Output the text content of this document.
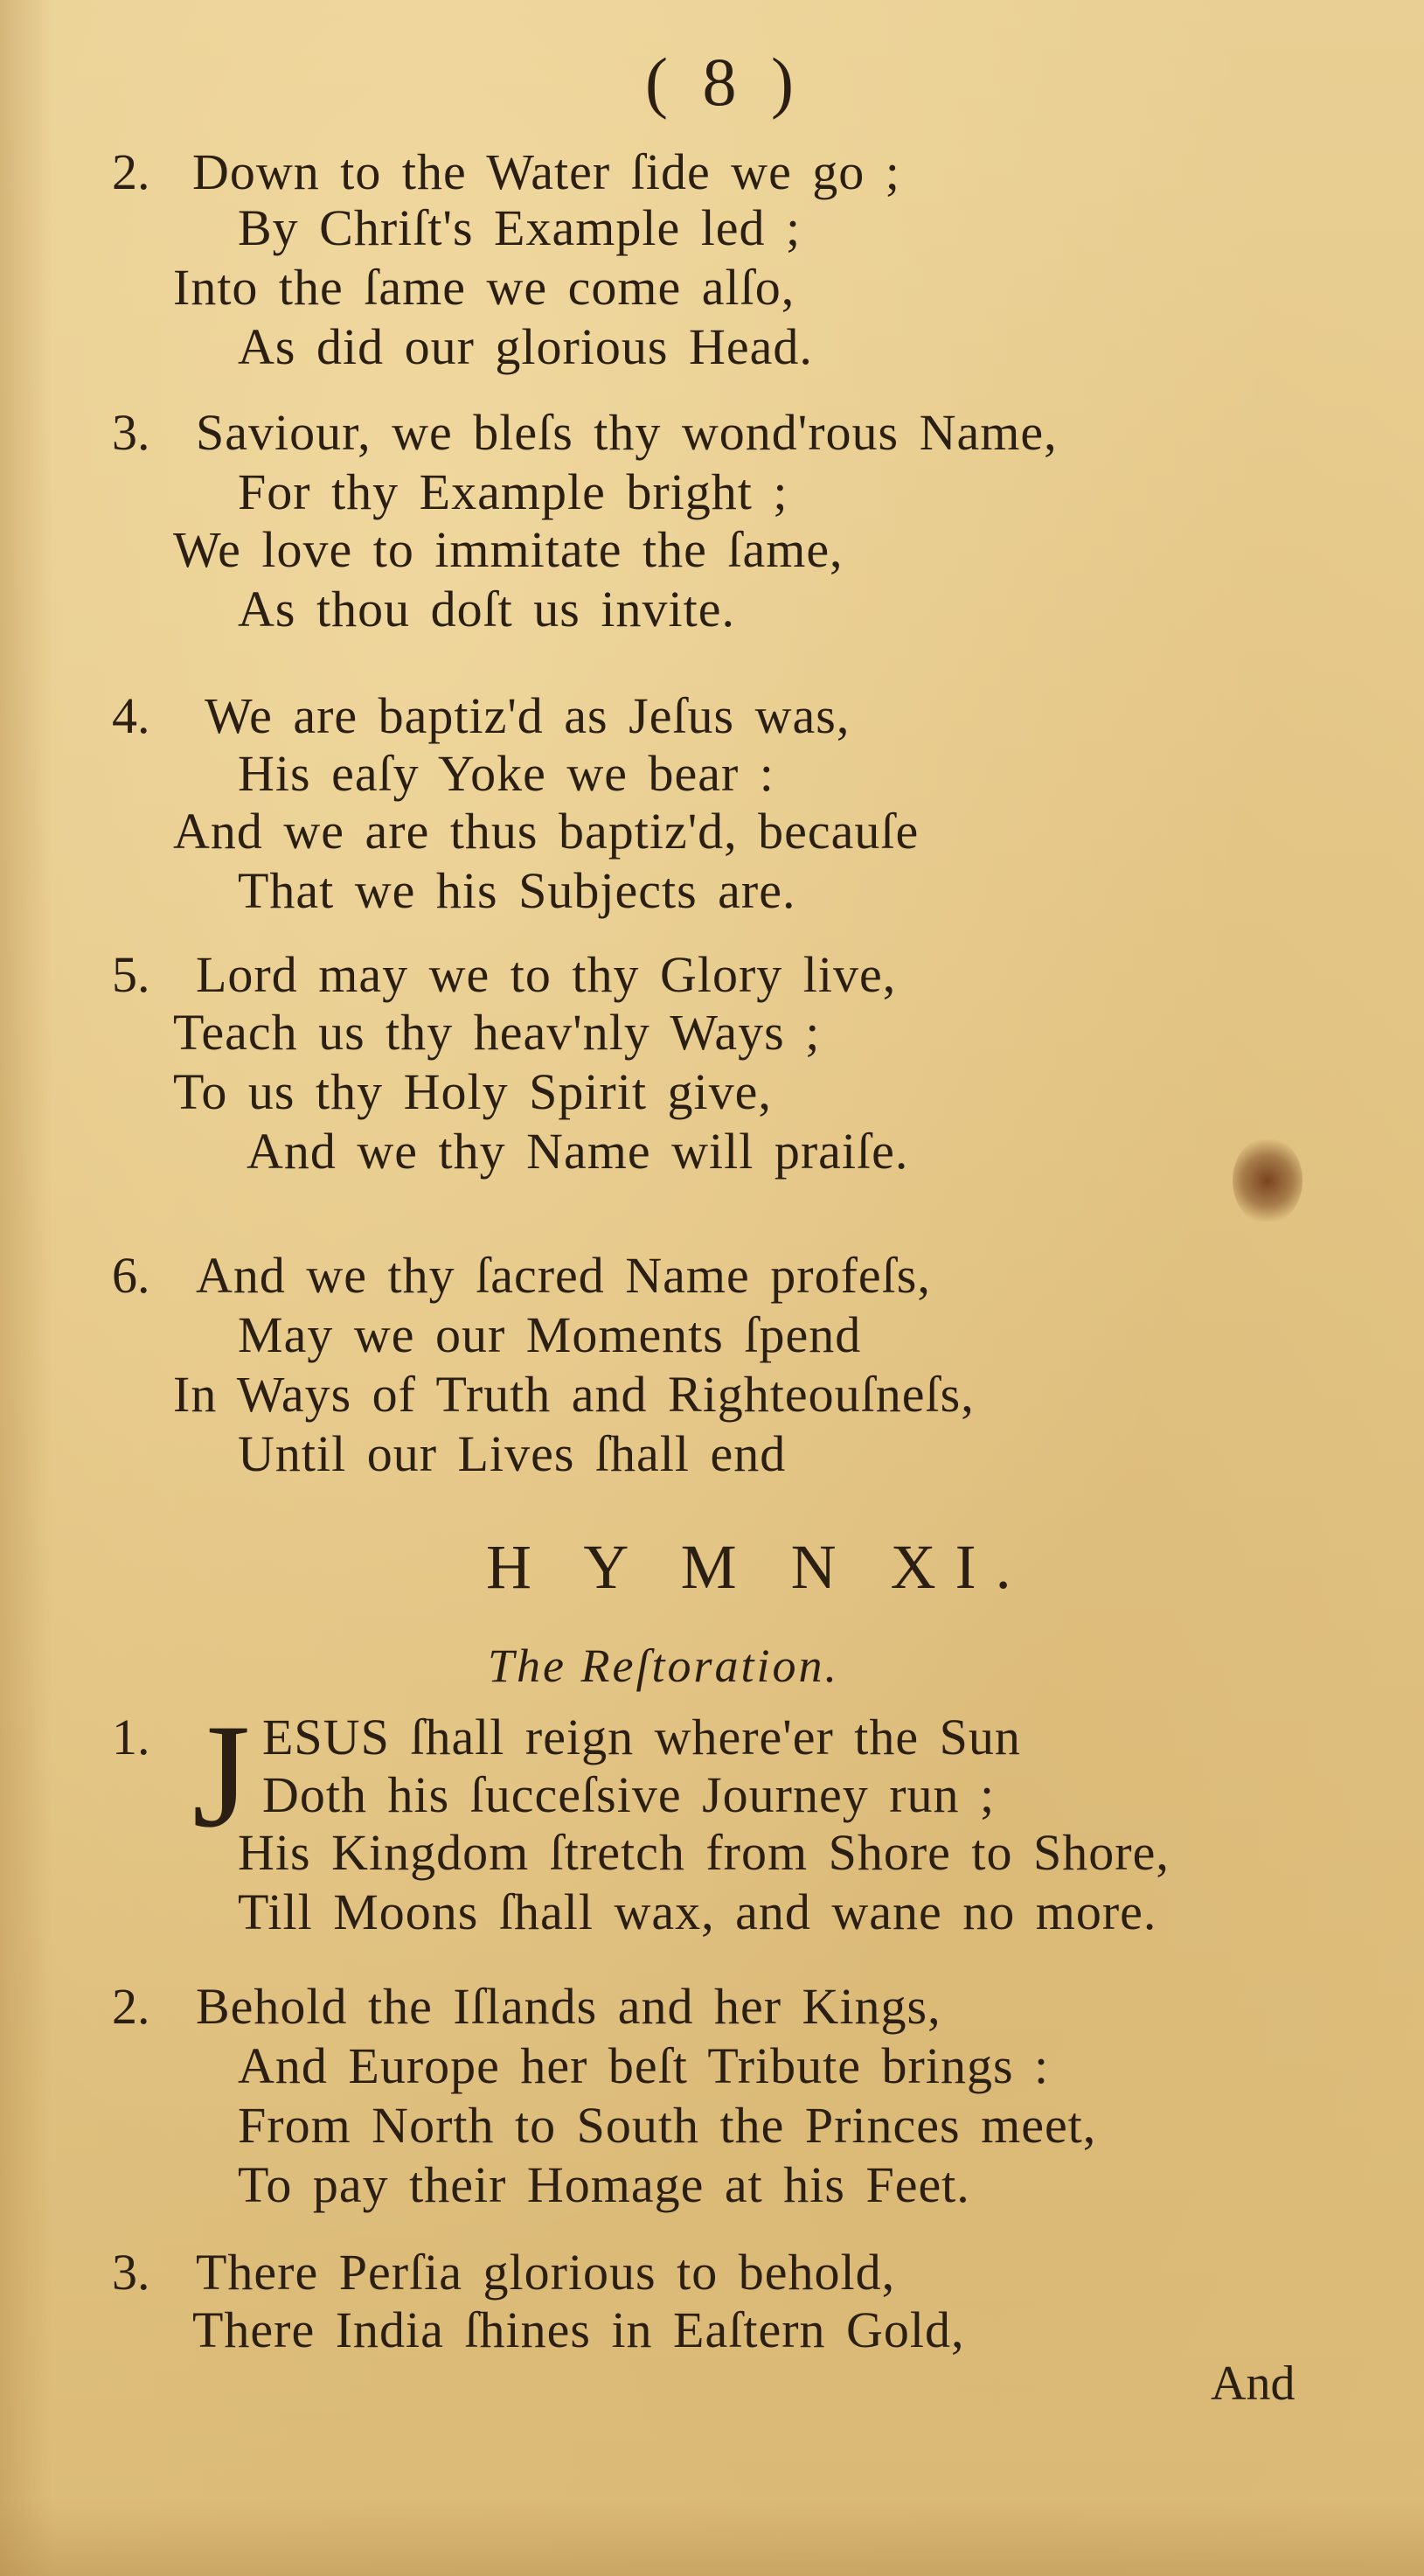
( 8 )
2. Down to the Water ſide we go ;
By Chriſt's Example led ;
Into the ſame we come alſo,
As did our glorious Head.
3. Saviour, we bleſs thy wond'rous Name,
For thy Example bright ;
We love to immitate the ſame,
As thou doſt us invite.
4. We are baptiz'd as Jeſus was,
His eaſy Yoke we bear :
And we are thus baptiz'd, becauſe
That we his Subjects are.
5. Lord may we to thy Glory live,
Teach us thy heav'nly Ways ;
To us thy Holy Spirit give,
And we thy Name will praiſe.
6. And we thy ſacred Name profeſs,
May we our Moments ſpend
In Ways of Truth and Righteouſneſs,
Until our Lives ſhall end
H Y M N XI.
The Reſtoration.
1. J ESUS ſhall reign where'er the Sun
Doth his ſucceſsive Journey run ;
His Kingdom ſtretch from Shore to Shore,
Till Moons ſhall wax, and wane no more.
2. Behold the Iſlands and her Kings,
And Europe her beſt Tribute brings :
From North to South the Princes meet,
To pay their Homage at his Feet.
3. There Perſia glorious to behold,
There India ſhines in Eaſtern Gold,
And
